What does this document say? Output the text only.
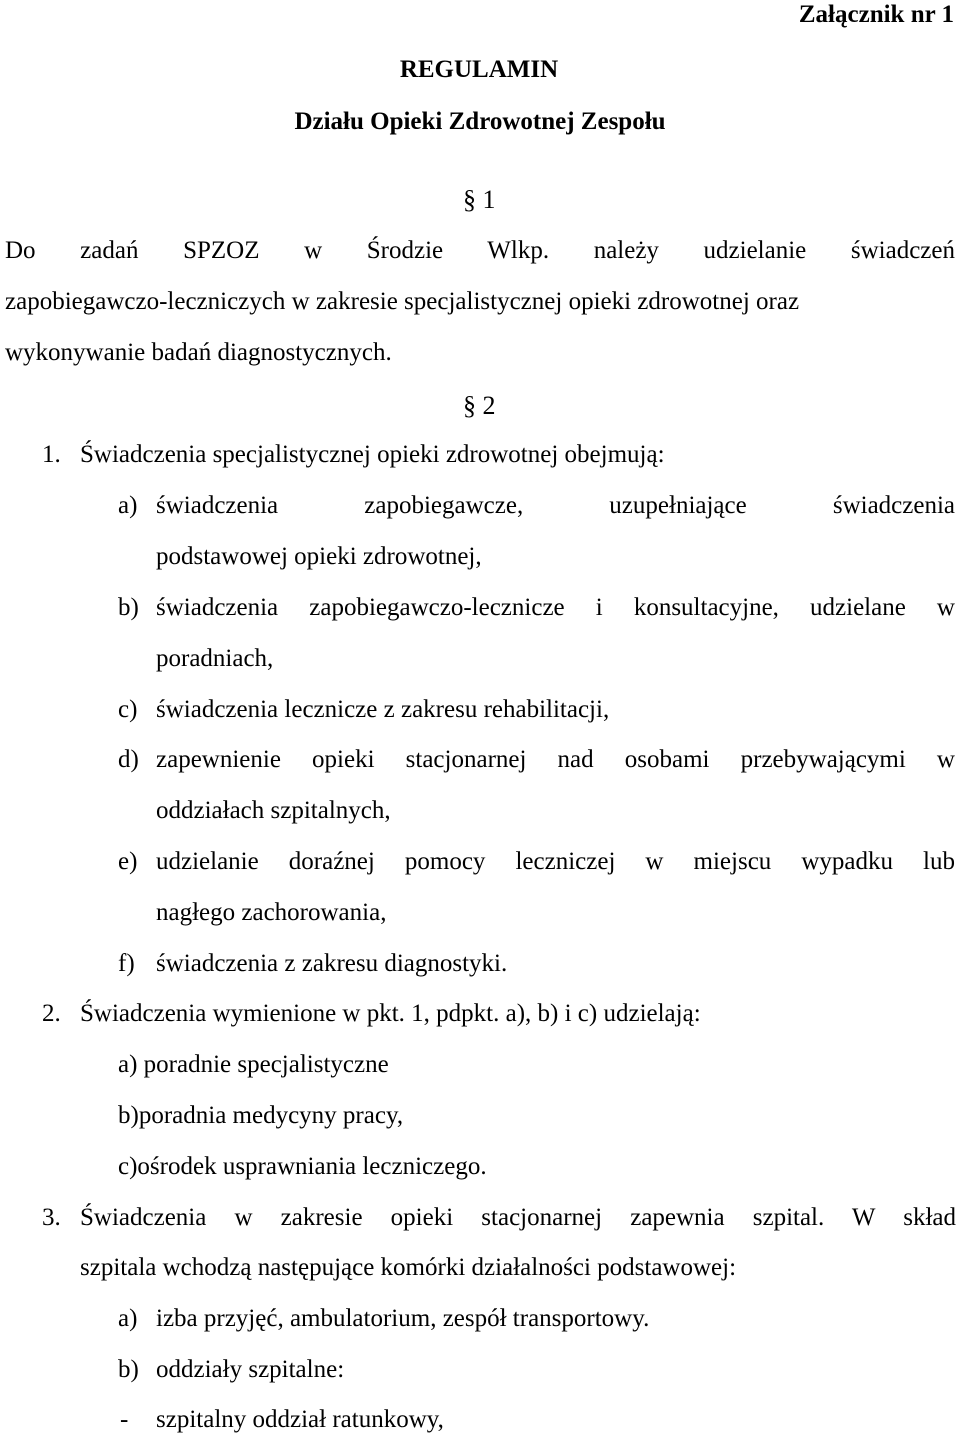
Załącznik nr 1
REGULAMIN
Działu Opieki Zdrowotnej Zespołu
§ 1
Do zadań SPZOZ w Środzie Wlkp. należy udzielanie świadczeń
zapobiegawczo-leczniczych w zakresie specjalistycznej opieki zdrowotnej oraz
wykonywanie badań diagnostycznych.
§ 2
1. Świadczenia specjalistycznej opieki zdrowotnej obejmują:
a) świadczenia zapobiegawcze, uzupełniające świadczenia
podstawowej opieki zdrowotnej,
b) świadczenia zapobiegawczo-lecznicze i konsultacyjne, udzielane w
poradniach,
c) świadczenia lecznicze z zakresu rehabilitacji,
d) zapewnienie opieki stacjonarnej nad osobami przebywającymi w
oddziałach szpitalnych,
e) udzielanie doraźnej pomocy leczniczej w miejscu wypadku lub
nagłego zachorowania,
f) świadczenia z zakresu diagnostyki.
2. Świadczenia wymienione w pkt. 1, pdpkt. a), b) i c) udzielają:
a) poradnie specjalistyczne
b)poradnia medycyny pracy,
c)ośrodek usprawniania leczniczego.
3. Świadczenia w zakresie opieki stacjonarnej zapewnia szpital. W skład
szpitala wchodzą następujące komórki działalności podstawowej:
a) izba przyjęć, ambulatorium, zespół transportowy.
b) oddziały szpitalne:
- szpitalny oddział ratunkowy,
